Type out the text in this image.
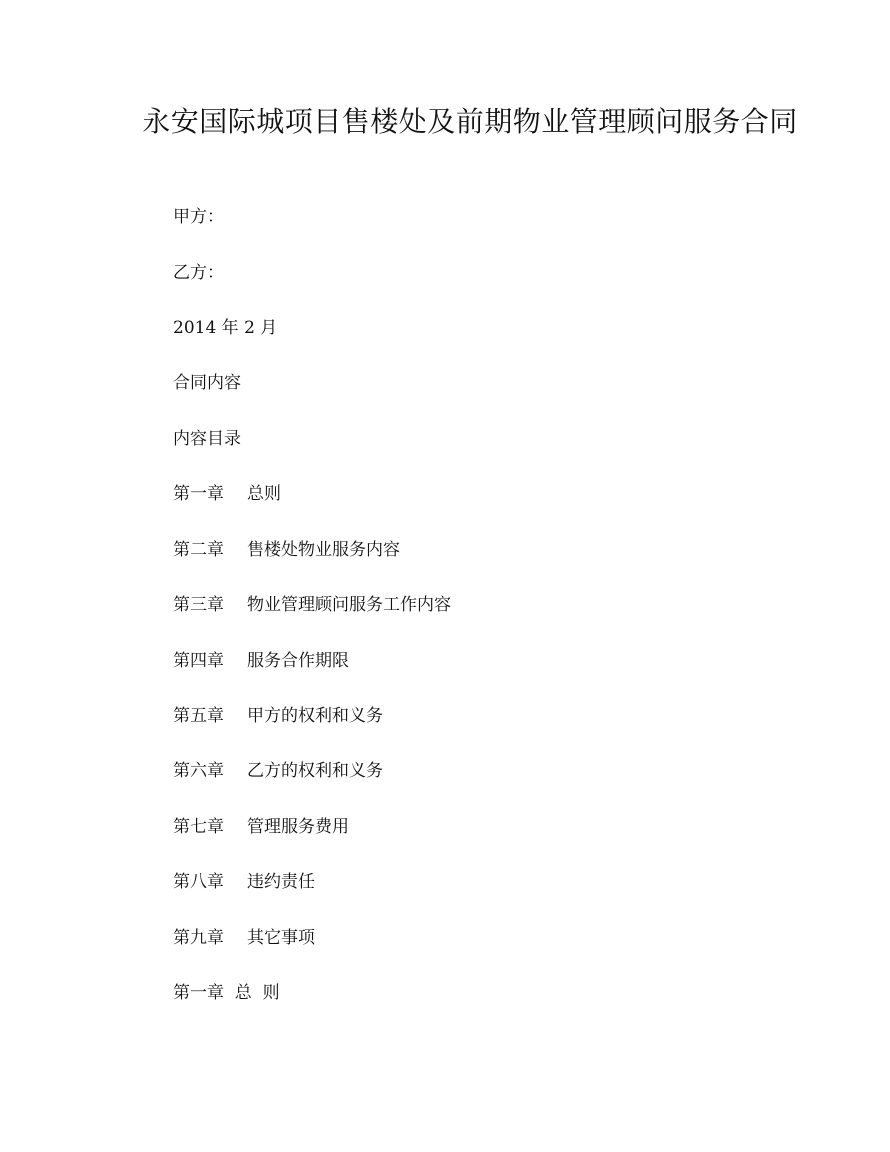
永安国际城项目售楼处及前期物业管理顾问服务合同

甲方：

乙方：

2014 年 2 月

合同内容

内容目录

第一章 总则
第二章 售楼处物业服务内容
第三章 物业管理顾问服务工作内容
第四章 服务合作期限
第五章 甲方的权利和义务
第六章 乙方的权利和义务
第七章 管理服务费用
第八章 违约责任
第九章 其它事项
第一章  总  则
